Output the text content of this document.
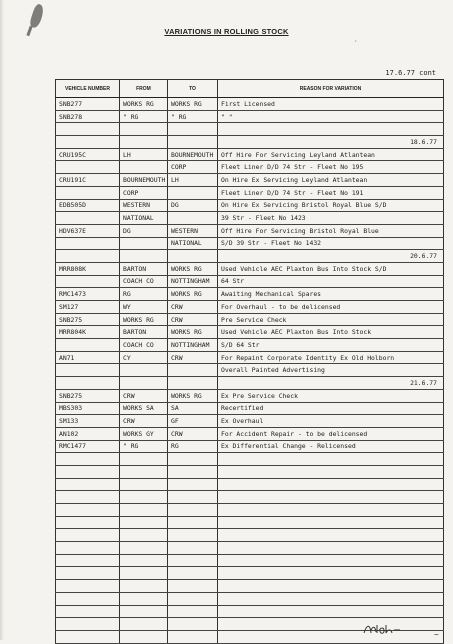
·
VARIATIONS IN ROLLING STOCK
17.6.77 cont
VEHICLE NUMBER	FROM	TO	REASON FOR VARIATION
SNB277	WORKS RG	WORKS RG	First Licensed
SNB278	" RG	" RG	" "

			18.6.77
CRU195C	LH	BOURNEMOUTH	Off Hire For Servicing Leyland Atlantean
		CORP	Fleet Liner D/D 74 Str - Fleet No 195
CRU191C	BOURNEMOUTH	LH	On Hire Ex Servicing Leyland Atlantean
	CORP		Fleet Liner D/D 74 Str - Fleet No 191
EDB505D	WESTERN	DG	On Hire Ex Servicing Bristol Royal Blue S/D
	NATIONAL		39 Str - Fleet No 1423
HDV637E	DG	WESTERN	Off Hire For Servicing Bristol Royal Blue
		NATIONAL	S/D 39 Str - Fleet No 1432
			20.6.77
MRR808K	BARTON	WORKS RG	Used Vehicle AEC Plaxton Bus Into Stock S/D
	COACH CO	NOTTINGHAM	64 Str
RMC1473	RG	WORKS RG	Awaiting Mechanical Spares
SM127	WY	CRW	For Overhaul - to be delicensed
SNB275	WORKS RG	CRW	Pre Service Check
MRR804K	BARTON	WORKS RG	Used Vehicle AEC Plaxton Bus Into Stock
	COACH CO	NOTTINGHAM	S/D 64 Str
AN71	CY	CRW	For Repaint Corporate Identity Ex Old Holborn
			Overall Painted Advertising
			21.6.77
SNB275	CRW	WORKS RG	Ex Pre Service Check
MBS303	WORKS SA	SA	Recertified
SM133	CRW	GF	Ex Overhaul
AN102	WORKS GY	CRW	For Accident Repair - to be delicensed
RMC1477	" RG	RG	Ex Differential Change - Relicensed

~
